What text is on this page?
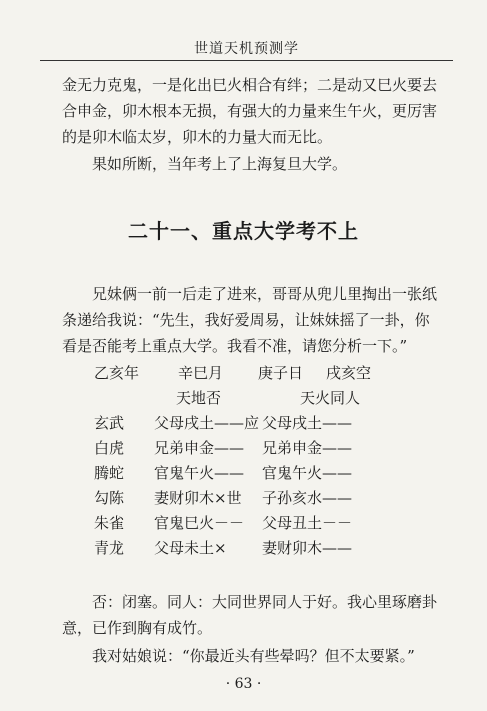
世道天机预测学
金无力克鬼，一是化出巳火相合有绊；二是动又巳火要去
合申金，卯木根本无损，有强大的力量来生午火，更厉害
的是卯木临太岁，卯木的力量大而无比。
果如所断，当年考上了上海复旦大学。
二十一、重点大学考不上
兄妹俩一前一后走了进来，哥哥从兜儿里掏出一张纸
条递给我说：“先生，我好爱周易，让妹妹摇了一卦，你
看是否能考上重点大学。我看不准，请您分析一下。”
乙亥年	辛巳月 庚子日 戌亥空
天地否	天火同人
玄武 父母戌土——应 父母戌土——
白虎 兄弟申金—— 兄弟申金——
腾蛇 官鬼午火—— 官鬼午火——
勾陈 妻财卯木×世 子孙亥水——
朱雀 官鬼巳火－－ 父母丑土－－
青龙 父母未土× 妻财卯木——
否：闭塞。同人：大同世界同人于好。我心里琢磨卦
意，已作到胸有成竹。
我对姑娘说：“你最近头有些晕吗？但不太要紧。”
· 63 ·
